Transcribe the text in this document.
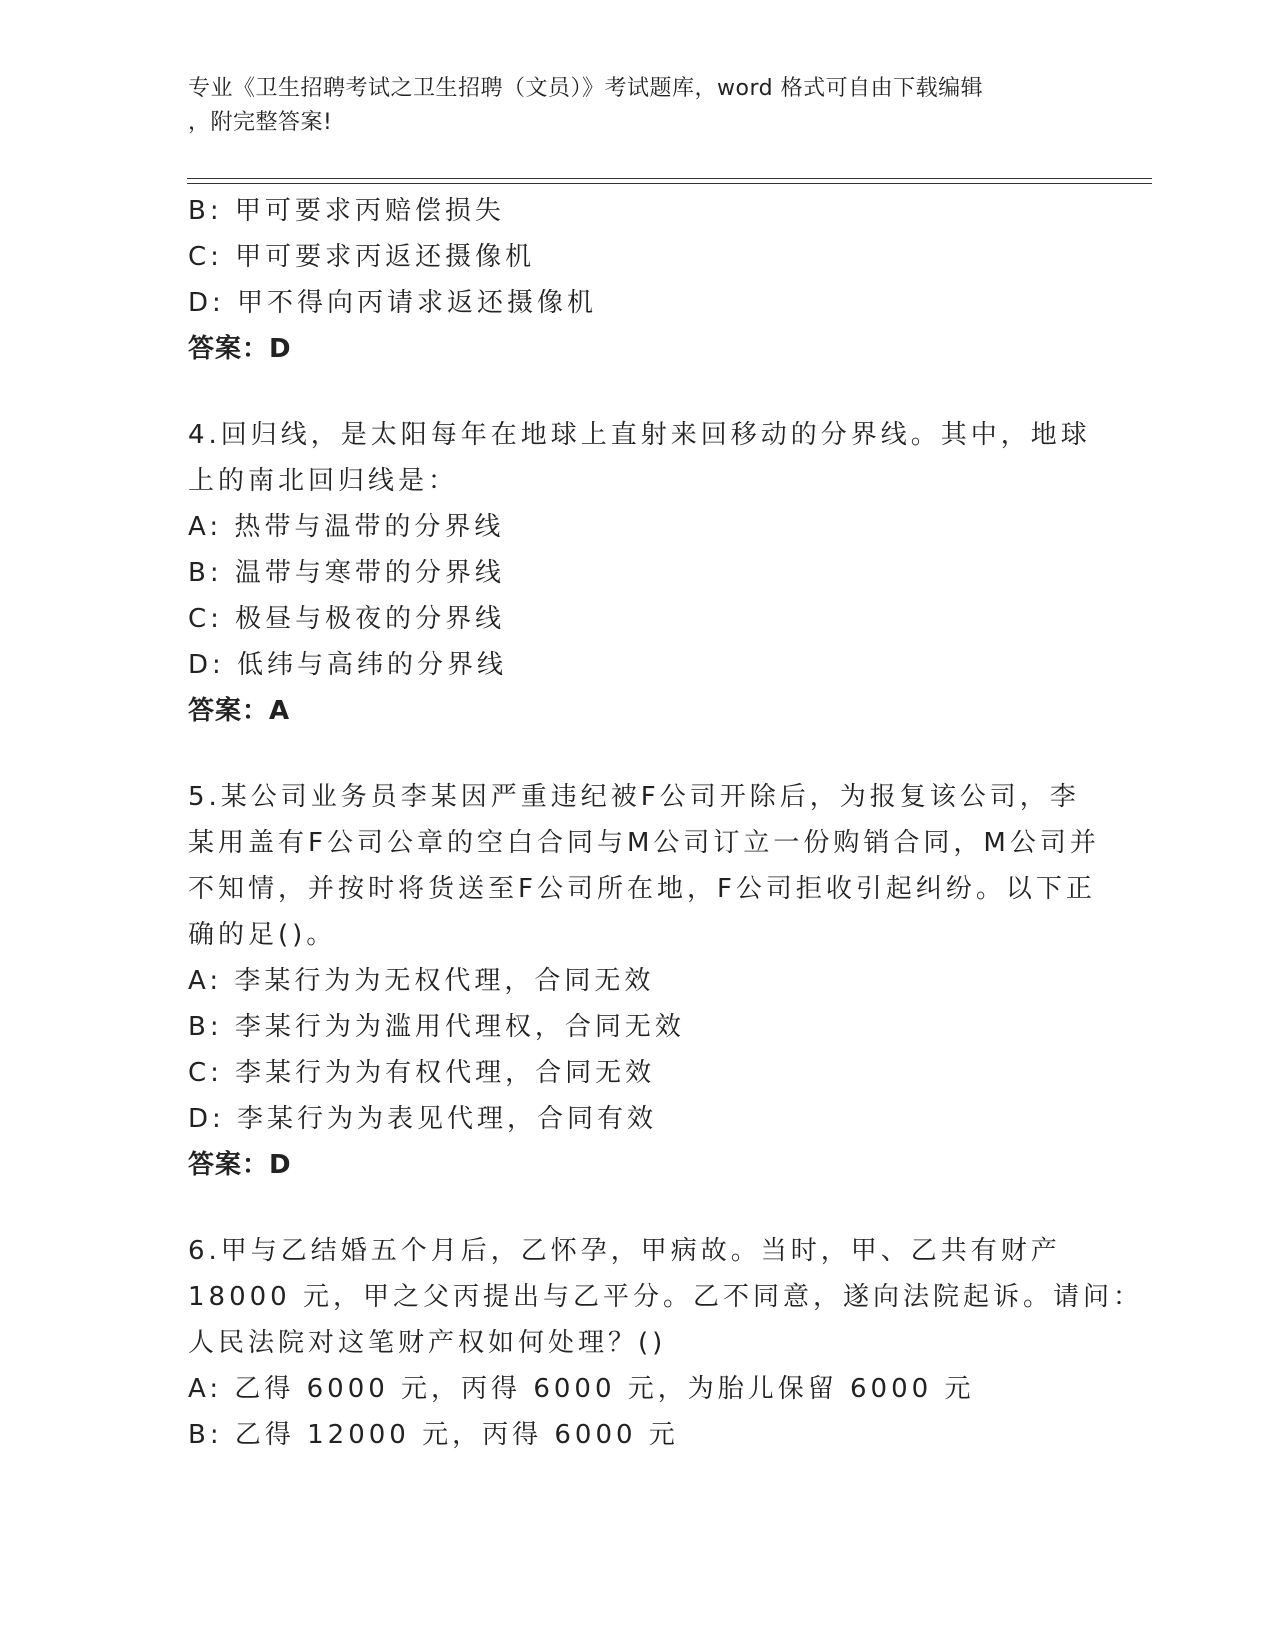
专业《卫生招聘考试之卫生招聘（文员）》考试题库，word 格式可自由下载编辑
，附完整答案!
B: 甲可要求丙赔偿损失
C: 甲可要求丙返还摄像机
D: 甲不得向丙请求返还摄像机
答案：D
4.回归线，是太阳每年在地球上直射来回移动的分界线。其中，地球
上的南北回归线是：
A: 热带与温带的分界线
B: 温带与寒带的分界线
C: 极昼与极夜的分界线
D: 低纬与高纬的分界线
答案：A
5.某公司业务员李某因严重违纪被F公司开除后，为报复该公司，李
某用盖有F公司公章的空白合同与M公司订立一份购销合同，M公司并
不知情，并按时将货送至F公司所在地，F公司拒收引起纠纷。以下正
确的足()。
A: 李某行为为无权代理，合同无效
B: 李某行为为滥用代理权，合同无效
C: 李某行为为有权代理，合同无效
D: 李某行为为表见代理，合同有效
答案：D
6.甲与乙结婚五个月后，乙怀孕，甲病故。当时，甲、乙共有财产
18000 元，甲之父丙提出与乙平分。乙不同意，遂向法院起诉。请问：
人民法院对这笔财产权如何处理？()
A: 乙得 6000 元，丙得 6000 元，为胎儿保留 6000 元
B: 乙得 12000 元，丙得 6000 元
